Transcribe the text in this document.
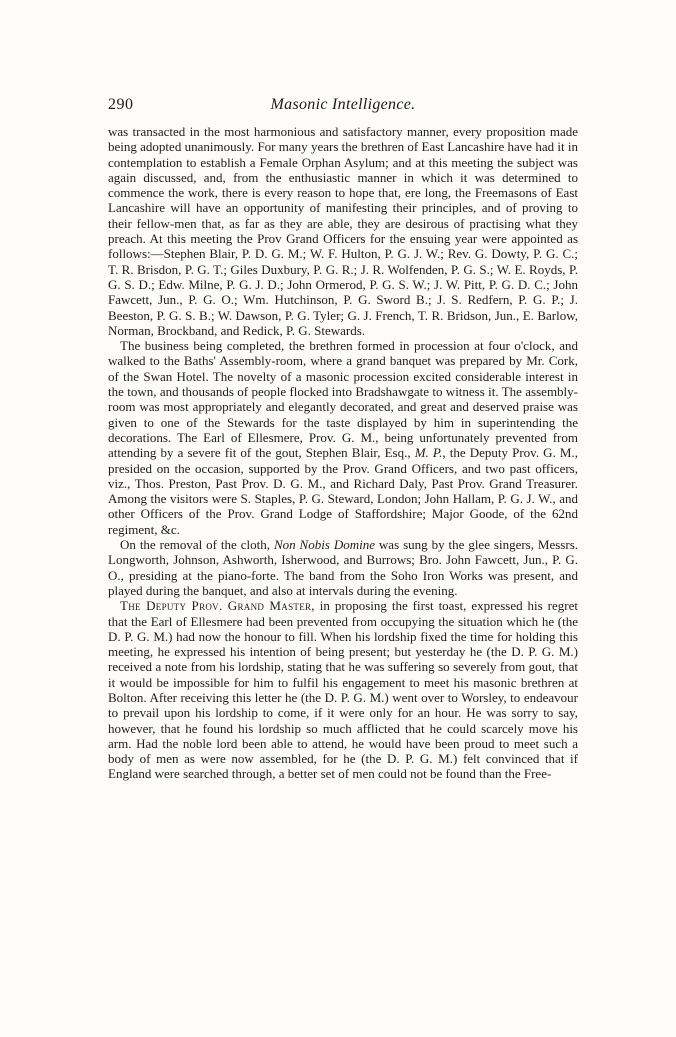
290	Masonic Intelligence.

was transacted in the most harmonious and satisfactory manner, every proposition made being adopted unanimously. For many years the brethren of East Lancashire have had it in contemplation to establish a Female Orphan Asylum; and at this meeting the subject was again discussed, and, from the enthusiastic manner in which it was determined to commence the work, there is every reason to hope that, ere long, the Freemasons of East Lancashire will have an opportunity of manifesting their principles, and of proving to their fellow-men that, as far as they are able, they are desirous of practising what they preach. At this meeting the Prov Grand Officers for the ensuing year were appointed as follows:—Stephen Blair, P. D. G. M.; W. F. Hulton, P. G. J. W.; Rev. G. Dowty, P. G. C.; T. R. Brisdon, P. G. T.; Giles Duxbury, P. G. R.; J. R. Wolfenden, P. G. S.; W. E. Royds, P. G. S. D.; Edw. Milne, P. G. J. D.; John Ormerod, P. G. S. W.; J. W. Pitt, P. G. D. C.; John Fawcett, Jun., P. G. O.; Wm. Hutchinson, P. G. Sword B.; J. S. Redfern, P. G. P.; J. Beeston, P. G. S. B.; W. Dawson, P. G. Tyler; G. J. French, T. R. Bridson, Jun., E. Barlow, Norman, Brockband, and Redick, P. G. Stewards.

The business being completed, the brethren formed in procession at four o'clock, and walked to the Baths' Assembly-room, where a grand banquet was prepared by Mr. Cork, of the Swan Hotel. The novelty of a masonic procession excited considerable interest in the town, and thousands of people flocked into Bradshawgate to witness it. The assembly-room was most appropriately and elegantly decorated, and great and deserved praise was given to one of the Stewards for the taste displayed by him in superintending the decorations. The Earl of Ellesmere, Prov. G. M., being unfortunately prevented from attending by a severe fit of the gout, Stephen Blair, Esq., M. P., the Deputy Prov. G. M., presided on the occasion, supported by the Prov. Grand Officers, and two past officers, viz., Thos. Preston, Past Prov. D. G. M., and Richard Daly, Past Prov. Grand Treasurer. Among the visitors were S. Staples, P. G. Steward, London; John Hallam, P. G. J. W., and other Officers of the Prov. Grand Lodge of Staffordshire; Major Goode, of the 62nd regiment, &c.

On the removal of the cloth, Non Nobis Domine was sung by the glee singers, Messrs. Longworth, Johnson, Ashworth, Isherwood, and Burrows; Bro. John Fawcett, Jun., P. G. O., presiding at the piano-forte. The band from the Soho Iron Works was present, and played during the banquet, and also at intervals during the evening.

The Deputy Prov. Grand Master, in proposing the first toast, expressed his regret that the Earl of Ellesmere had been prevented from occupying the situation which he (the D. P. G. M.) had now the honour to fill. When his lordship fixed the time for holding this meeting, he expressed his intention of being present; but yesterday he (the D. P. G. M.) received a note from his lordship, stating that he was suffering so severely from gout, that it would be impossible for him to fulfil his engagement to meet his masonic brethren at Bolton. After receiving this letter he (the D. P. G. M.) went over to Worsley, to endeavour to prevail upon his lordship to come, if it were only for an hour. He was sorry to say, however, that he found his lordship so much afflicted that he could scarcely move his arm. Had the noble lord been able to attend, he would have been proud to meet such a body of men as were now assembled, for he (the D. P. G. M.) felt convinced that if England were searched through, a better set of men could not be found than the Free-
